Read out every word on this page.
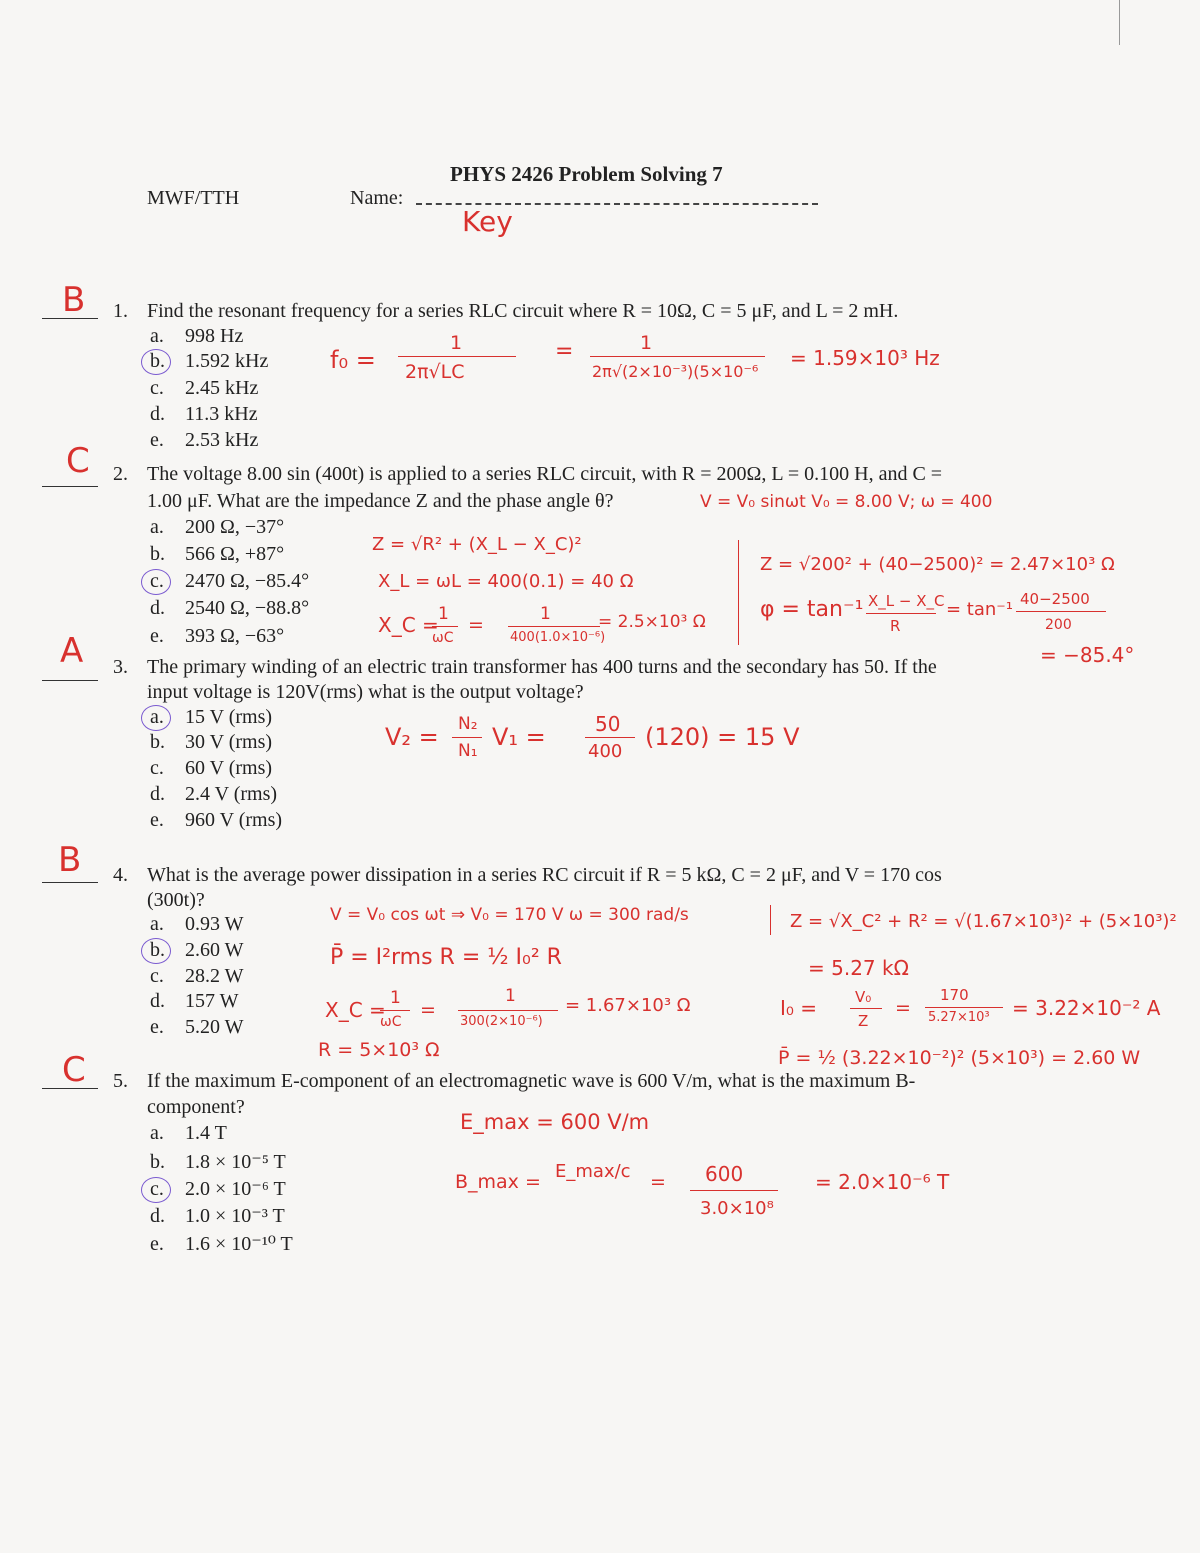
PHYS 2426 Problem Solving 7
MWF/TTH	Name:
Key
B 1. Find the resonant frequency for a series RLC circuit where R = 10Ω, C = 5 μF, and L = 2 mH.
a. 998 Hz
b. 1.592 kHz
c. 2.45 kHz
d. 11.3 kHz
e. 2.53 kHz
f₀ =
1
2π√LC
=	1
2π√(2×10⁻³)(5×10⁻⁶
= 1.59×10³ Hz
C 2. The voltage 8.00 sin (400t) is applied to a series RLC circuit, with R = 200Ω, L = 0.100 H, and C =
1.00 μF. What are the impedance Z and the phase angle θ?	V = V₀ sinωt V₀ = 8.00 V; ω = 400
a. 200 Ω, −37°
b. 566 Ω, +87°
c. 2470 Ω, −85.4°
d. 2540 Ω, −88.8°
e. 393 Ω, −63°
Z = √R² + (X_L − X_C)²
X_L = ωL = 400(0.1) = 40 Ω
X_C = 1
ωC
=	1
400(1.0×10⁻⁶)
= 2.5×10³ Ω
Z = √200² + (40−2500)² = 2.47×10³ Ω
φ = tan⁻¹ X_L − X_C
R
= tan⁻¹ 40−2500
200
= −85.4°
A 3. The primary winding of an electric train transformer has 400 turns and the secondary has 50. If the
input voltage is 120V(rms) what is the output voltage?
a. 15 V (rms)
b. 30 V (rms)
c. 60 V (rms)
d. 2.4 V (rms)
e. 960 V (rms)
V₂ = N₂
N₁ V₁ = 50
400
(120) = 15 V
B 4. What is the average power dissipation in a series RC circuit if R = 5 kΩ, C = 2 μF, and V = 170 cos
(300t)?
a. 0.93 W
b. 2.60 W
c. 28.2 W
d. 157 W
e. 5.20 W
V = V₀ cos ωt ⇒ V₀ = 170 V ω = 300 rad/s
P̄ = I²rms R = ½ I₀² R
X_C = 1
ωC
=
1
300(2×10⁻⁶)
= 1.67×10³ Ω
R = 5×10³ Ω
Z = √X_C² + R² = √(1.67×10³)² + (5×10³)²
= 5.27 kΩ
I₀ =	V₀
Z
=
170
5.27×10³ = 3.22×10⁻² A
P̄ = ½ (3.22×10⁻²)² (5×10³) = 2.60 W
C 5. If the maximum E-component of an electromagnetic wave is 600 V/m, what is the maximum B-
component?
a. 1.4 T
b. 1.8 × 10⁻⁵ T
c. 2.0 × 10⁻⁶ T
d. 1.0 × 10⁻³ T
e. 1.6 × 10⁻¹⁰ T
E_max = 600 V/m
B_max = E_max/c = 600
3.0×10⁸
= 2.0×10⁻⁶ T
